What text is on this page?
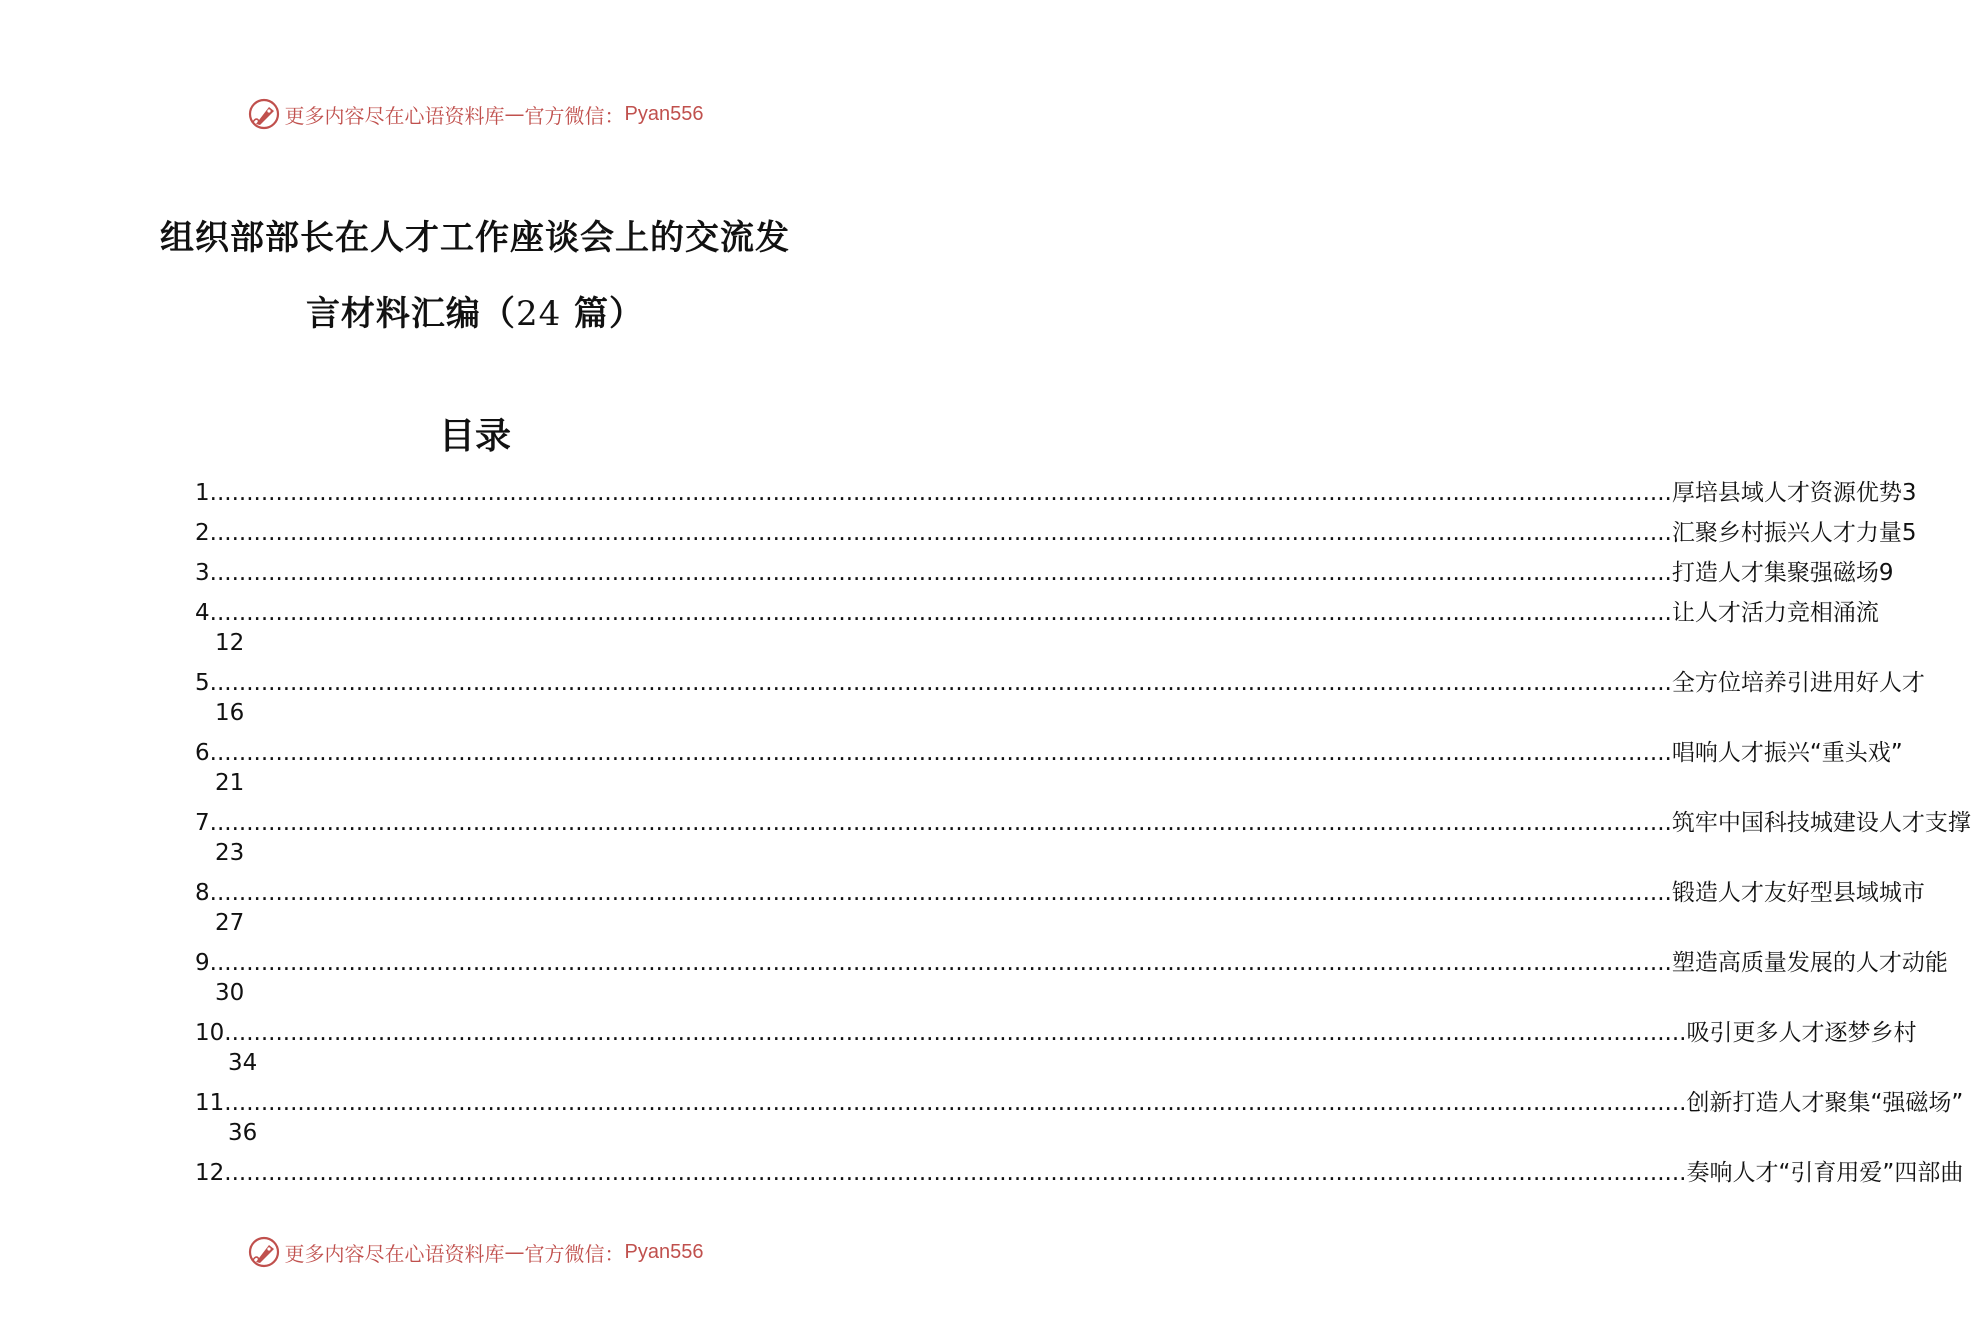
更多内容尽在心语资料库 — 官方微信： Pyan556
组织部部长在人才工作座谈会上的交流发
言材料汇编（24 篇）
目录
1 ........................................................................................................................................................................................................ 厚培县域人才资源优势 3
2 ........................................................................................................................................................................................................ 汇聚乡村振兴人才力量 5
3 ........................................................................................................................................................................................................ 打造人才集聚强磁场 9
4 ........................................................................................................................................................................................................ 让人才活力竞相涌流
12
5 ........................................................................................................................................................................................................ 全方位培养引进用好人才
16
6 ........................................................................................................................................................................................................ 唱响人才振兴“重头戏”
21
7 ........................................................................................................................................................................................................ 筑牢中国科技城建设人才支撑
23
8 ........................................................................................................................................................................................................ 锻造人才友好型县域城市
27
9 ........................................................................................................................................................................................................ 塑造高质量发展的人才动能
30
10 ........................................................................................................................................................................................................ 吸引更多人才逐梦乡村
34
11 ........................................................................................................................................................................................................ 创新打造人才聚集“强磁场”
36
12 ........................................................................................................................................................................................................ 奏响人才“引育用爱”四部曲
更多内容尽在心语资料库 — 官方微信： Pyan556
